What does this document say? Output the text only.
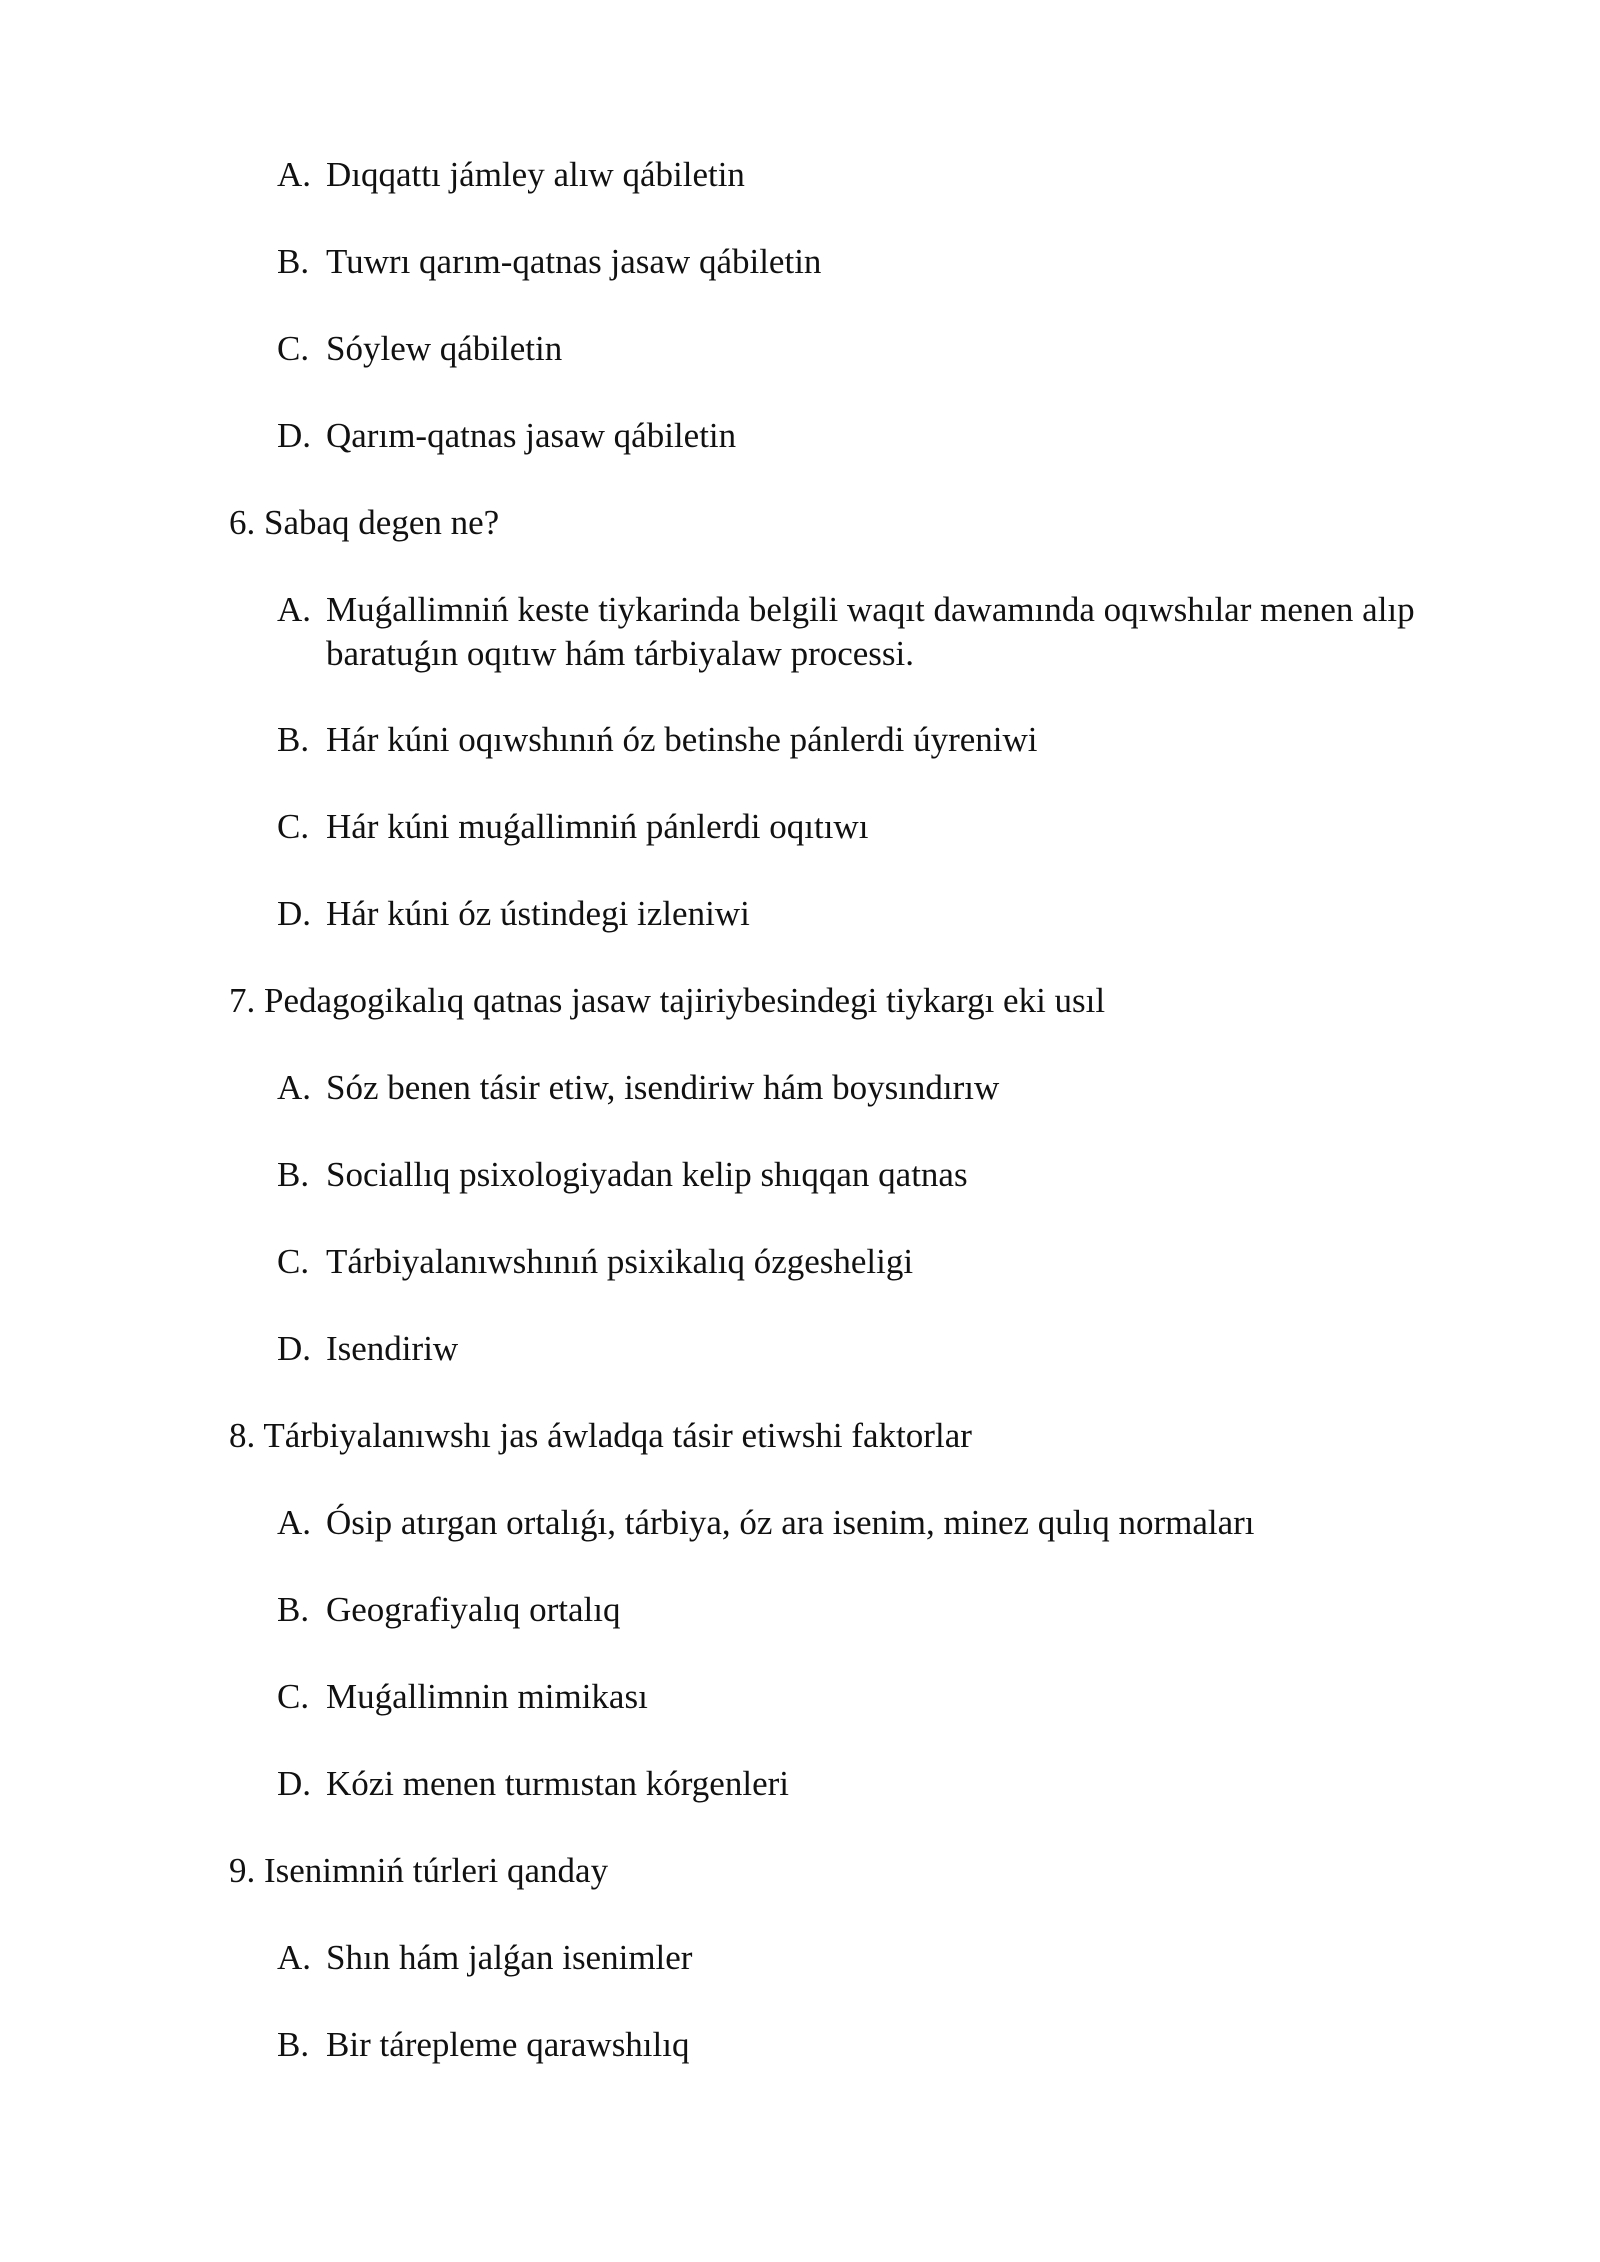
A. Dıqqattı jámley alıw qábiletin
B. Tuwrı qarım-qatnas jasaw qábiletin
C. Sóylew qábiletin
D. Qarım-qatnas jasaw qábiletin
6. Sabaq degen ne?
A. Muǵallimniń keste tiykarinda belgili waqıt dawamında oqıwshılar menen alıp baratuǵın oqıtıw hám tárbiyalaw processi.
B. Hár kúni oqıwshınıń óz betinshe pánlerdi úyreniwi
C. Hár kúni muǵallimniń pánlerdi oqıtıwı
D. Hár kúni óz ústindegi izleniwi
7. Pedagogikalıq qatnas jasaw tajiriybesindegi tiykargı eki usıl
A. Sóz benen tásir etiw, isendiriw hám boysındırıw
B. Sociallıq psixologiyadan kelip shıqqan qatnas
C. Tárbiyalanıwshınıń psixikalıq ózgesheligi
D. Isendiriw
8. Tárbiyalanıwshı jas áwladqa tásir etiwshi faktorlar
A. Ósip atırgan ortalıǵı, tárbiya, óz ara isenim, minez qulıq normaları
B. Geografiyalıq ortalıq
C. Muǵallimnin mimikası
D. Kózi menen turmıstan kórgenleri
9. Isenimniń túrleri qanday
A. Shın hám jalǵan isenimler
B. Bir tárepleme qarawshılıq
